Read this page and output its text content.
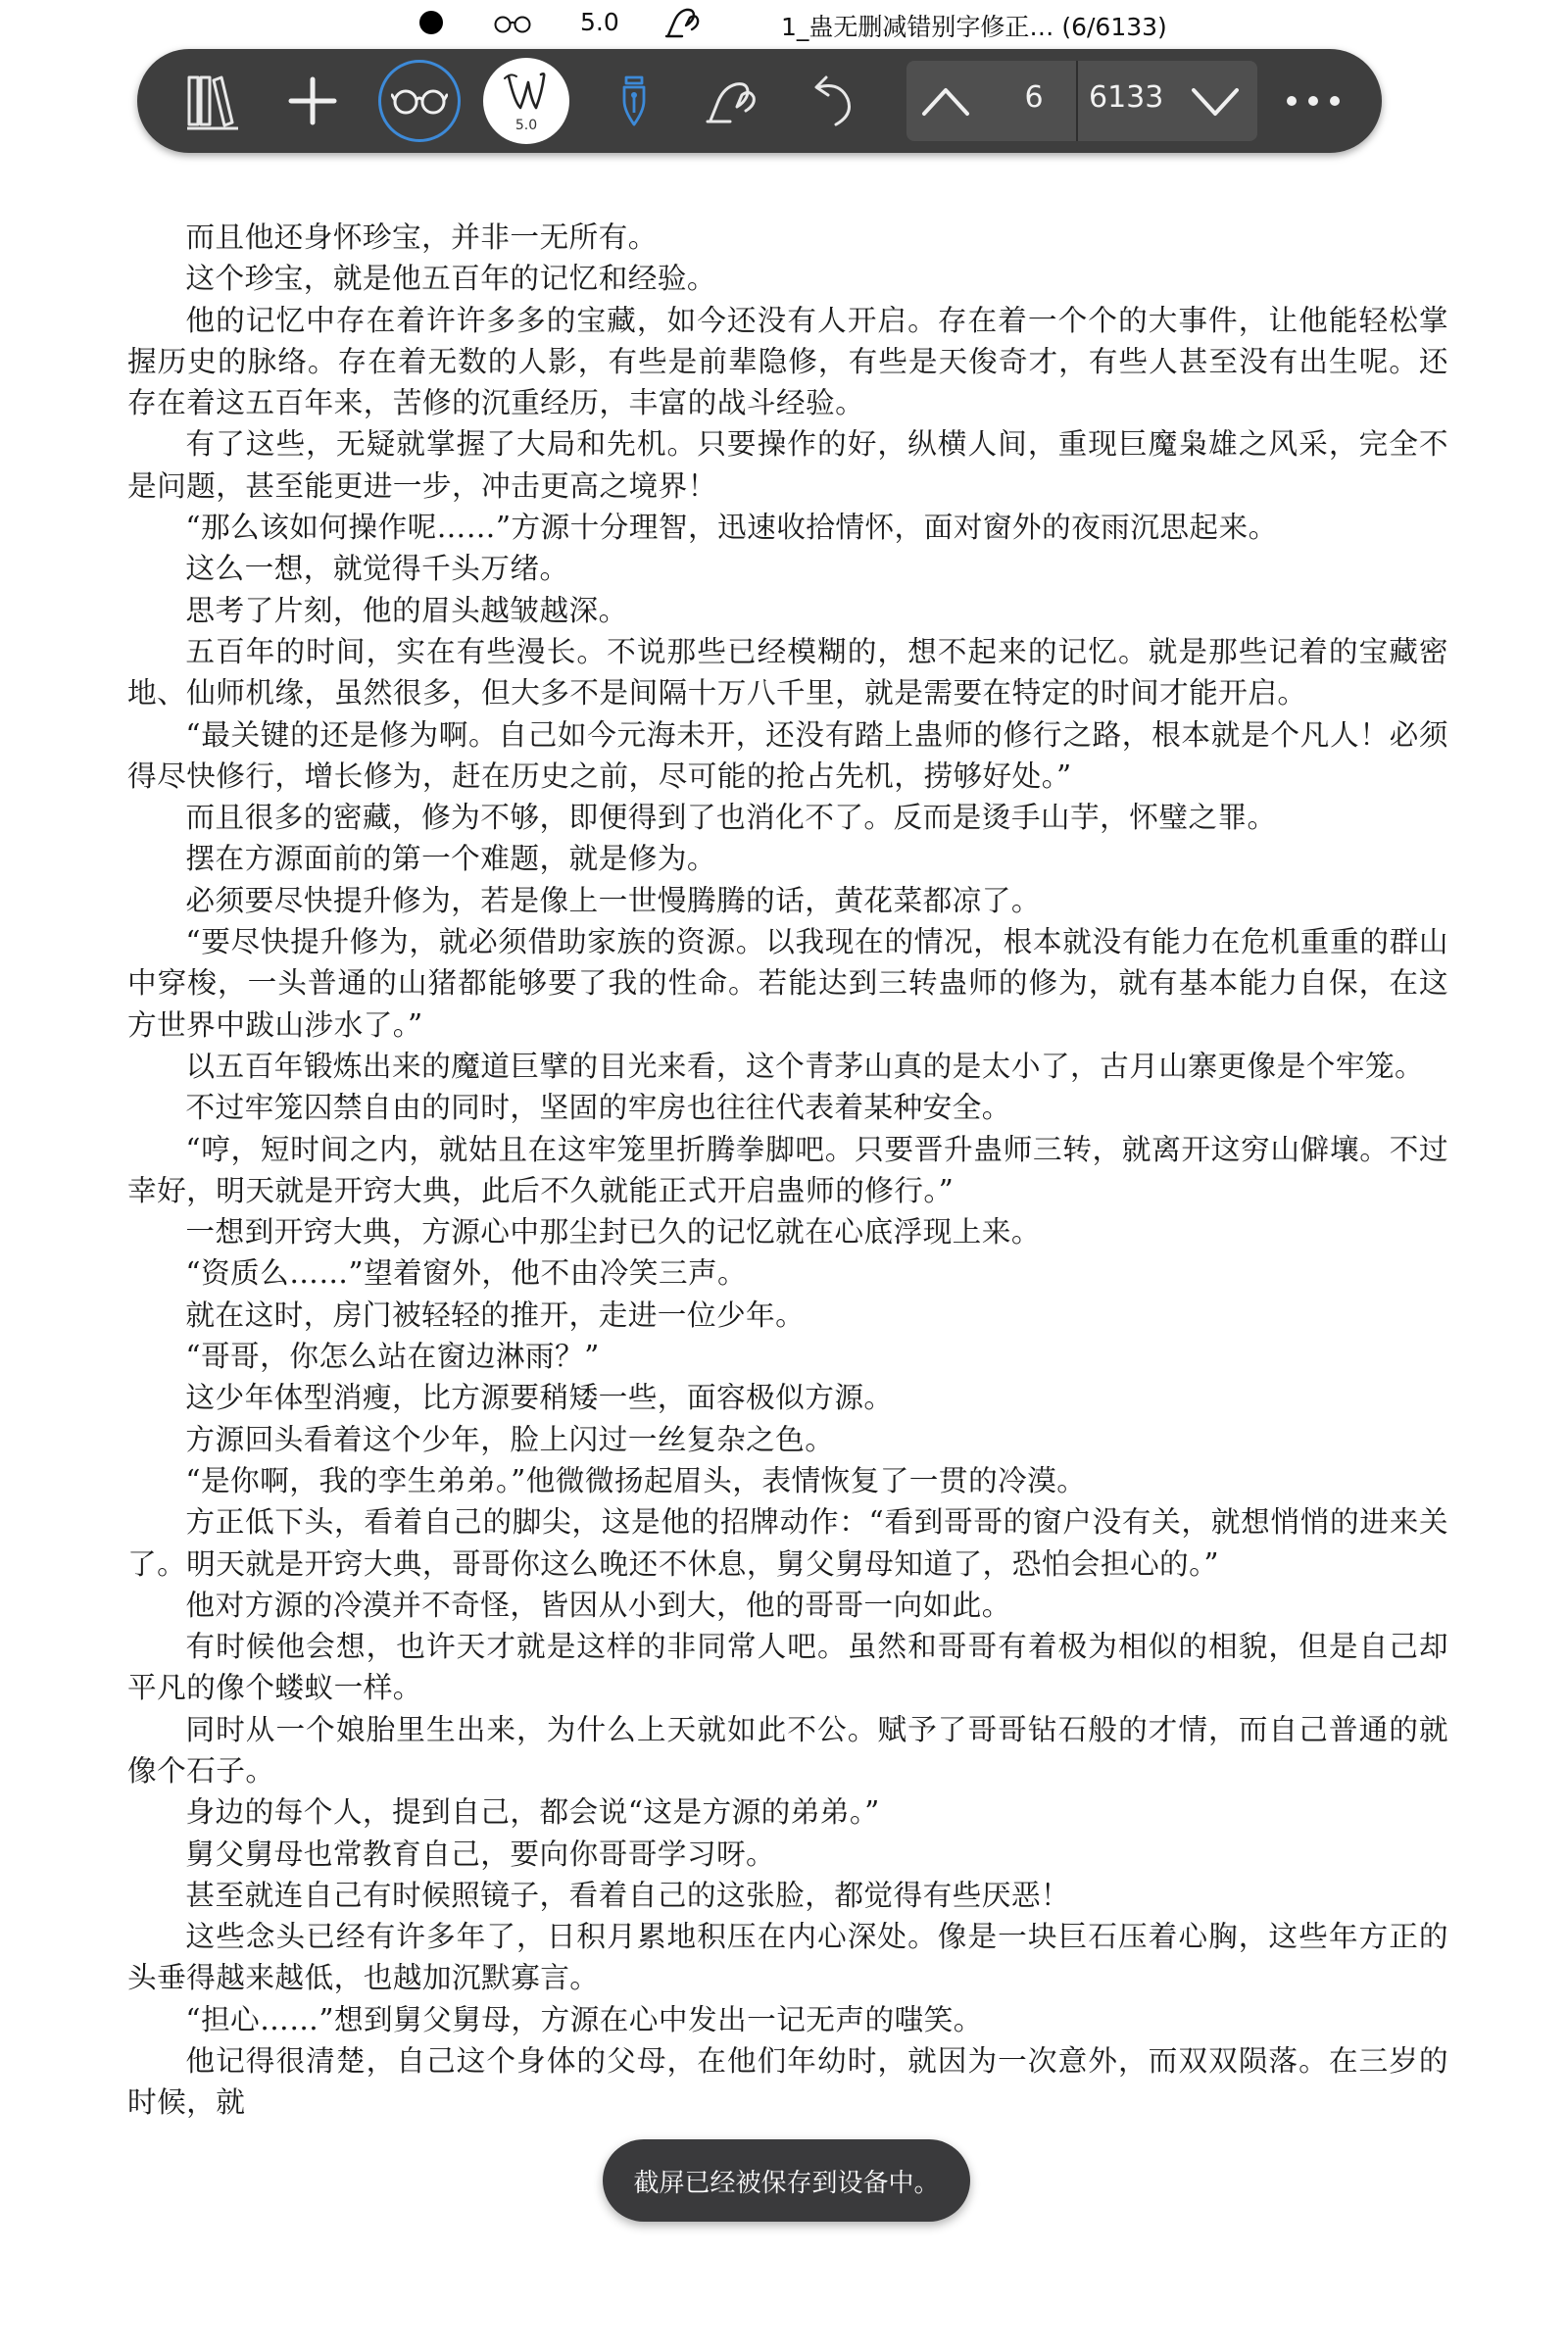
5.0	1_蛊无删减错别字修正… (6/6133)
5.0
6	6133

而且他还身怀珍宝，并非一无所有。

这个珍宝，就是他五百年的记忆和经验。

他的记忆中存在着许许多多的宝藏，如今还没有人开启。存在着一个个的大事件，让他能轻松掌握历史的脉络。存在着无数的人影，有些是前辈隐修，有些是天俊奇才，有些人甚至没有出生呢。还存在着这五百年来，苦修的沉重经历，丰富的战斗经验。

有了这些，无疑就掌握了大局和先机。只要操作的好，纵横人间，重现巨魔枭雄之风采，完全不是问题，甚至能更进一步，冲击更高之境界！

“那么该如何操作呢……”方源十分理智，迅速收拾情怀，面对窗外的夜雨沉思起来。

这么一想，就觉得千头万绪。

思考了片刻，他的眉头越皱越深。

五百年的时间，实在有些漫长。不说那些已经模糊的，想不起来的记忆。就是那些记着的宝藏密地、仙师机缘，虽然很多，但大多不是间隔十万八千里，就是需要在特定的时间才能开启。

“最关键的还是修为啊。自己如今元海未开，还没有踏上蛊师的修行之路，根本就是个凡人！必须得尽快修行，增长修为，赶在历史之前，尽可能的抢占先机，捞够好处。”

而且很多的密藏，修为不够，即便得到了也消化不了。反而是烫手山芋，怀璧之罪。

摆在方源面前的第一个难题，就是修为。

必须要尽快提升修为，若是像上一世慢腾腾的话，黄花菜都凉了。

“要尽快提升修为，就必须借助家族的资源。以我现在的情况，根本就没有能力在危机重重的群山中穿梭，一头普通的山猪都能够要了我的性命。若能达到三转蛊师的修为，就有基本能力自保，在这方世界中跋山涉水了。”

以五百年锻炼出来的魔道巨擘的目光来看，这个青茅山真的是太小了，古月山寨更像是个牢笼。

不过牢笼囚禁自由的同时，坚固的牢房也往往代表着某种安全。

“哼，短时间之内，就姑且在这牢笼里折腾拳脚吧。只要晋升蛊师三转，就离开这穷山僻壤。不过幸好，明天就是开窍大典，此后不久就能正式开启蛊师的修行。”

一想到开窍大典，方源心中那尘封已久的记忆就在心底浮现上来。

“资质么……”望着窗外，他不由冷笑三声。

就在这时，房门被轻轻的推开，走进一位少年。

“哥哥，你怎么站在窗边淋雨？”

这少年体型消瘦，比方源要稍矮一些，面容极似方源。

方源回头看着这个少年，脸上闪过一丝复杂之色。

“是你啊，我的孪生弟弟。”他微微扬起眉头，表情恢复了一贯的冷漠。

方正低下头，看着自己的脚尖，这是他的招牌动作：“看到哥哥的窗户没有关，就想悄悄的进来关了。明天就是开窍大典，哥哥你这么晚还不休息，舅父舅母知道了，恐怕会担心的。”

他对方源的冷漠并不奇怪，皆因从小到大，他的哥哥一向如此。

有时候他会想，也许天才就是这样的非同常人吧。虽然和哥哥有着极为相似的相貌，但是自己却平凡的像个蝼蚁一样。

同时从一个娘胎里生出来，为什么上天就如此不公。赋予了哥哥钻石般的才情，而自己普通的就像个石子。

身边的每个人，提到自己，都会说“这是方源的弟弟。”

舅父舅母也常教育自己，要向你哥哥学习呀。

甚至就连自己有时候照镜子，看着自己的这张脸，都觉得有些厌恶！

这些念头已经有许多年了，日积月累地积压在内心深处。像是一块巨石压着心胸，这些年方正的头垂得越来越低，也越加沉默寡言。

“担心……”想到舅父舅母，方源在心中发出一记无声的嗤笑。

他记得很清楚，自己这个身体的父母，在他们年幼时，就因为一次意外，而双双陨落。在三岁的时候，就

截屏已经被保存到设备中。
